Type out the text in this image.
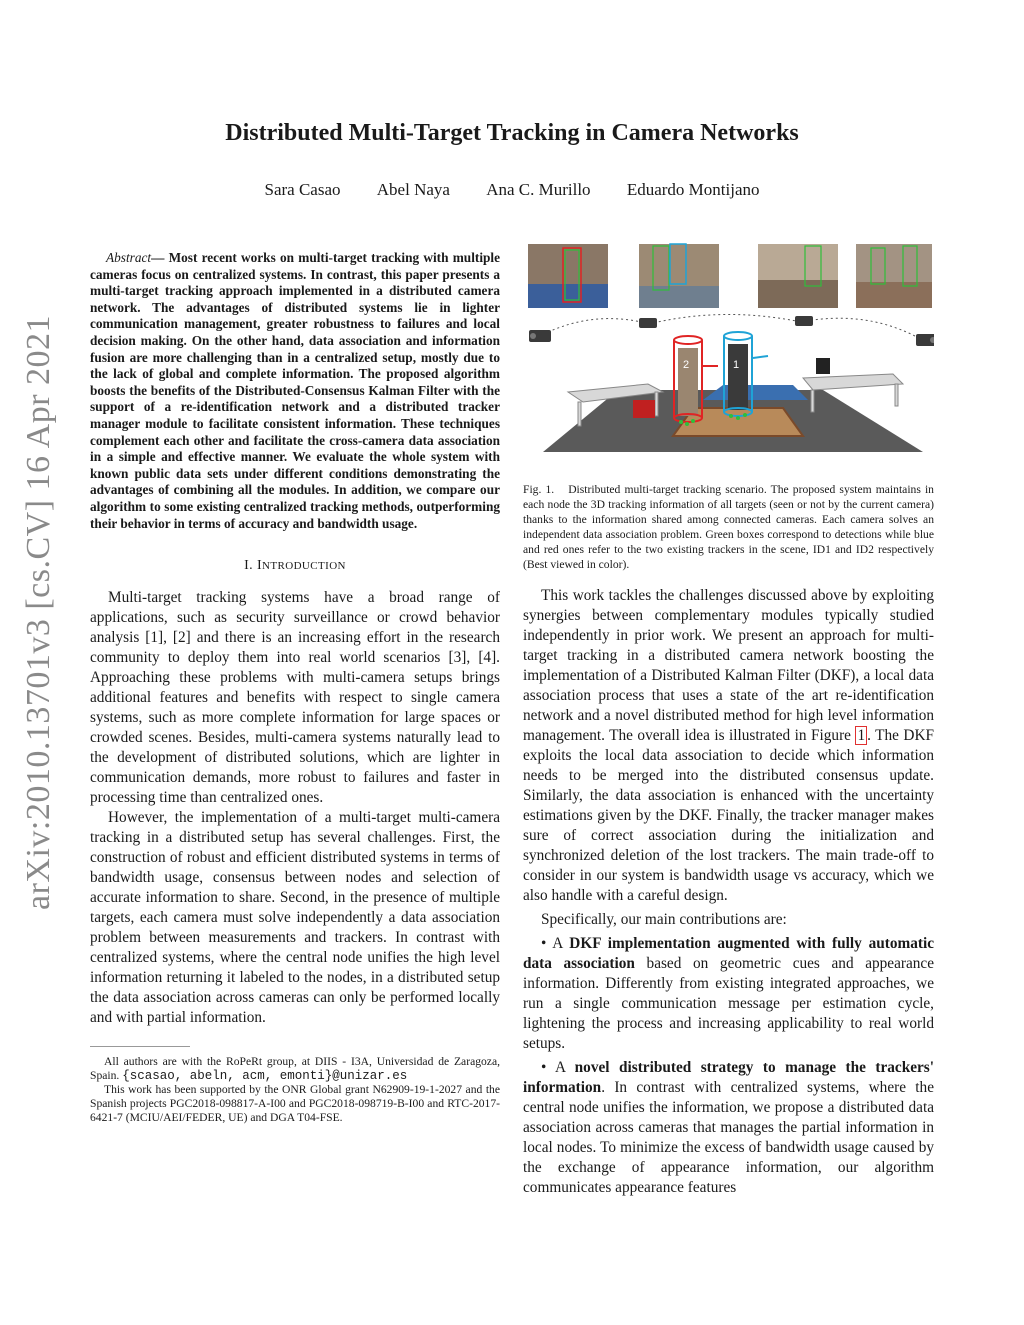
arXiv:2010.13701v3 [cs.CV] 16 Apr 2021
Distributed Multi-Target Tracking in Camera Networks
Sara Casao Abel Naya Ana C. Murillo Eduardo Montijano

Abstract— Most recent works on multi-target tracking with multiple cameras focus on centralized systems. In contrast, this paper presents a multi-target tracking approach implemented in a distributed camera network. The advantages of distributed systems lie in lighter communication management, greater robustness to failures and local decision making. On the other hand, data association and information fusion are more challenging than in a centralized setup, mostly due to the lack of global and complete information. The proposed algorithm boosts the benefits of the Distributed-Consensus Kalman Filter with the support of a re-identification network and a distributed tracker manager module to facilitate consistent information. These techniques complement each other and facilitate the cross-camera data association in a simple and effective manner. We evaluate the whole system with known public data sets under different conditions demonstrating the advantages of combining all the modules. In addition, we compare our algorithm to some existing centralized tracking methods, outperforming their behavior in terms of accuracy and bandwidth usage.

I. INTRODUCTION

Multi-target tracking systems have a broad range of applications, such as security surveillance or crowd behavior analysis [1], [2] and there is an increasing effort in the research community to deploy them into real world scenarios [3], [4]. Approaching these problems with multi-camera setups brings additional features and benefits with respect to single camera systems, such as more complete information for large spaces or crowded scenes. Besides, multi-camera systems naturally lead to the development of distributed solutions, which are lighter in communication demands, more robust to failures and faster in processing time than centralized ones.

However, the implementation of a multi-target multi-camera tracking in a distributed setup has several challenges. First, the construction of robust and efficient distributed systems in terms of bandwidth usage, consensus between nodes and selection of accurate information to share. Second, in the presence of multiple targets, each camera must solve independently a data association problem between measurements and trackers. In contrast with centralized systems, where the central node unifies the high level information returning it labeled to the nodes, in a distributed setup the data association across cameras can only be performed locally and with partial information.

All authors are with the RoPeRt group, at DIIS - I3A, Universidad de Zaragoza, Spain. {scasao, abeln, acm, emonti}@unizar.es

This work has been supported by the ONR Global grant N62909-19-1-2027 and the Spanish projects PGC2018-098817-A-I00 and PGC2018-098719-B-I00 and RTC-2017-6421-7 (MCIU/AEI/FEDER, UE) and DGA T04-FSE.

1
2

Fig. 1. Distributed multi-target tracking scenario. The proposed system maintains in each node the 3D tracking information of all targets (seen or not by the current camera) thanks to the information shared among connected cameras. Each camera solves an independent data association problem. Green boxes correspond to detections while blue and red ones refer to the two existing trackers in the scene, ID1 and ID2 respectively (Best viewed in color).

This work tackles the challenges discussed above by exploiting synergies between complementary modules typically studied independently in prior work. We present an approach for multi-target tracking in a distributed camera network boosting the implementation of a Distributed Kalman Filter (DKF), a local data association process that uses a state of the art re-identification network and a novel distributed method for high level information management. The overall idea is illustrated in Figure 1 . The DKF exploits the local data association to decide which information needs to be merged into the distributed consensus update. Similarly, the data association is enhanced with the uncertainty estimations given by the DKF. Finally, the tracker manager makes sure of correct association during the initialization and synchronized deletion of the lost trackers. The main trade-off to consider in our system is bandwidth usage vs accuracy, which we also handle with a careful design.

Specifically, our main contributions are:

• A DKF implementation augmented with fully automatic data association based on geometric cues and appearance information. Differently from existing integrated approaches, we run a single communication message per estimation cycle, lightening the process and increasing applicability to real world setups.

• A novel distributed strategy to manage the trackers' information. In contrast with centralized systems, where the central node unifies the information, we propose a distributed data association across cameras that manages the partial information in local nodes. To minimize the excess of bandwidth usage caused by the exchange of appearance information, our algorithm communicates appearance features
